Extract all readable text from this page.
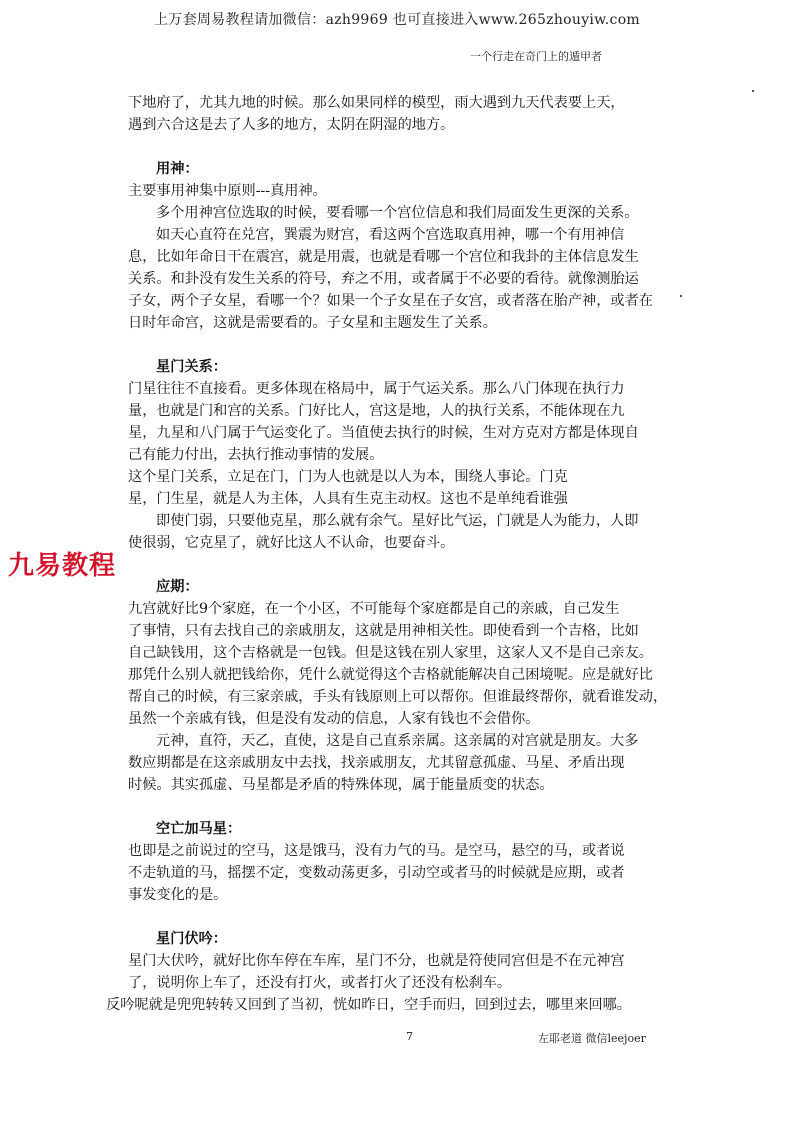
上万套周易教程请加微信：azh9969 也可直接进入www.265zhouyiw.com
一个行走在奇门上的遁甲者
九易教程
下地府了，尤其九地的时候。那么如果同样的模型，雨大遇到九天代表要上天，
遇到六合这是去了人多的地方，太阴在阴湿的地方。
用神：
主要事用神集中原则---真用神。
多个用神宫位选取的时候，要看哪一个宫位信息和我们局面发生更深的关系。
如天心直符在兑宫，巽震为财宫，看这两个宫选取真用神，哪一个有用神信
息，比如年命日干在震宫，就是用震，也就是看哪一个宫位和我卦的主体信息发生
关系。和卦没有发生关系的符号，弃之不用，或者属于不必要的看待。就像测胎运
子女，两个子女星，看哪一个？如果一个子女星在子女宫，或者落在胎产神，或者在
日时年命宫，这就是需要看的。子女星和主题发生了关系。
星门关系：
门星往往不直接看。更多体现在格局中，属于气运关系。那么八门体现在执行力
量，也就是门和宫的关系。门好比人，宫这是地，人的执行关系，不能体现在九
星，九星和八门属于气运变化了。当值使去执行的时候，生对方克对方都是体现自
己有能力付出，去执行推动事情的发展。
这个星门关系，立足在门，门为人也就是以人为本，围绕人事论。门克
星，门生星，就是人为主体，人具有生克主动权。这也不是单纯看谁强
即使门弱，只要他克星，那么就有余气。星好比气运，门就是人为能力，人即
使很弱，它克星了，就好比这人不认命，也要奋斗。
应期：
九宫就好比9个家庭，在一个小区，不可能每个家庭都是自己的亲戚，自己发生
了事情，只有去找自己的亲戚朋友，这就是用神相关性。即使看到一个吉格，比如
自己缺钱用，这个吉格就是一包钱。但是这钱在别人家里，这家人又不是自己亲友。
那凭什么别人就把钱给你，凭什么就觉得这个吉格就能解决自己困境呢。应是就好比
帮自己的时候，有三家亲戚，手头有钱原则上可以帮你。但谁最终帮你，就看谁发动，
虽然一个亲戚有钱，但是没有发动的信息，人家有钱也不会借你。
元神，直符，天乙，直使，这是自己直系亲属。这亲属的对宫就是朋友。大多
数应期都是在这亲戚朋友中去找，找亲戚朋友，尤其留意孤虚、马星、矛盾出现
时候。其实孤虚、马星都是矛盾的特殊体现，属于能量质变的状态。
空亡加马星：
也即是之前说过的空马，这是饿马，没有力气的马。是空马，悬空的马，或者说
不走轨道的马，摇摆不定，变数动荡更多，引动空或者马的时候就是应期，或者
事发变化的是。
星门伏吟：
星门大伏吟，就好比你车停在车库，星门不分，也就是符使同宫但是不在元神宫
了，说明你上车了，还没有打火，或者打火了还没有松刹车。
反吟呢就是兜兜转转又回到了当初，恍如昨日，空手而归，回到过去，哪里来回哪。
7	左耶老道 微信leejoer
